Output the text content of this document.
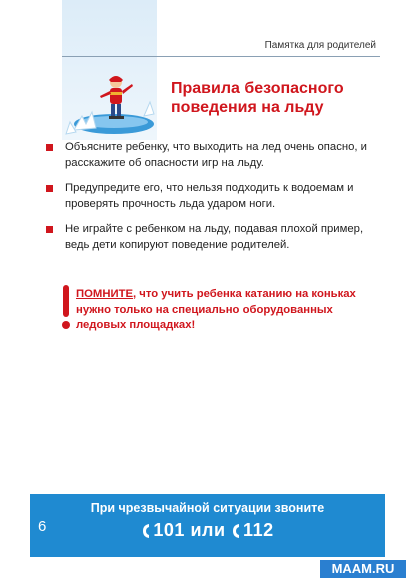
Памятка для родителей
Правила безопасного
поведения на льду
Объясните ребенку, что выходить на лед очень опасно, и расскажите об опасности игр на льду.
Предупредите его, что нельзя подходить к водоемам и проверять прочность льда ударом ноги.
Не играйте с ребенком на льду, подавая плохой пример, ведь дети копируют поведение родителей.
ПОМНИТЕ, что учить ребенка катанию на коньках нужно только на специально оборудованных ледовых площадках!
6
При чрезвычайной ситуации звоните
101 или 112
MAAM.RU
